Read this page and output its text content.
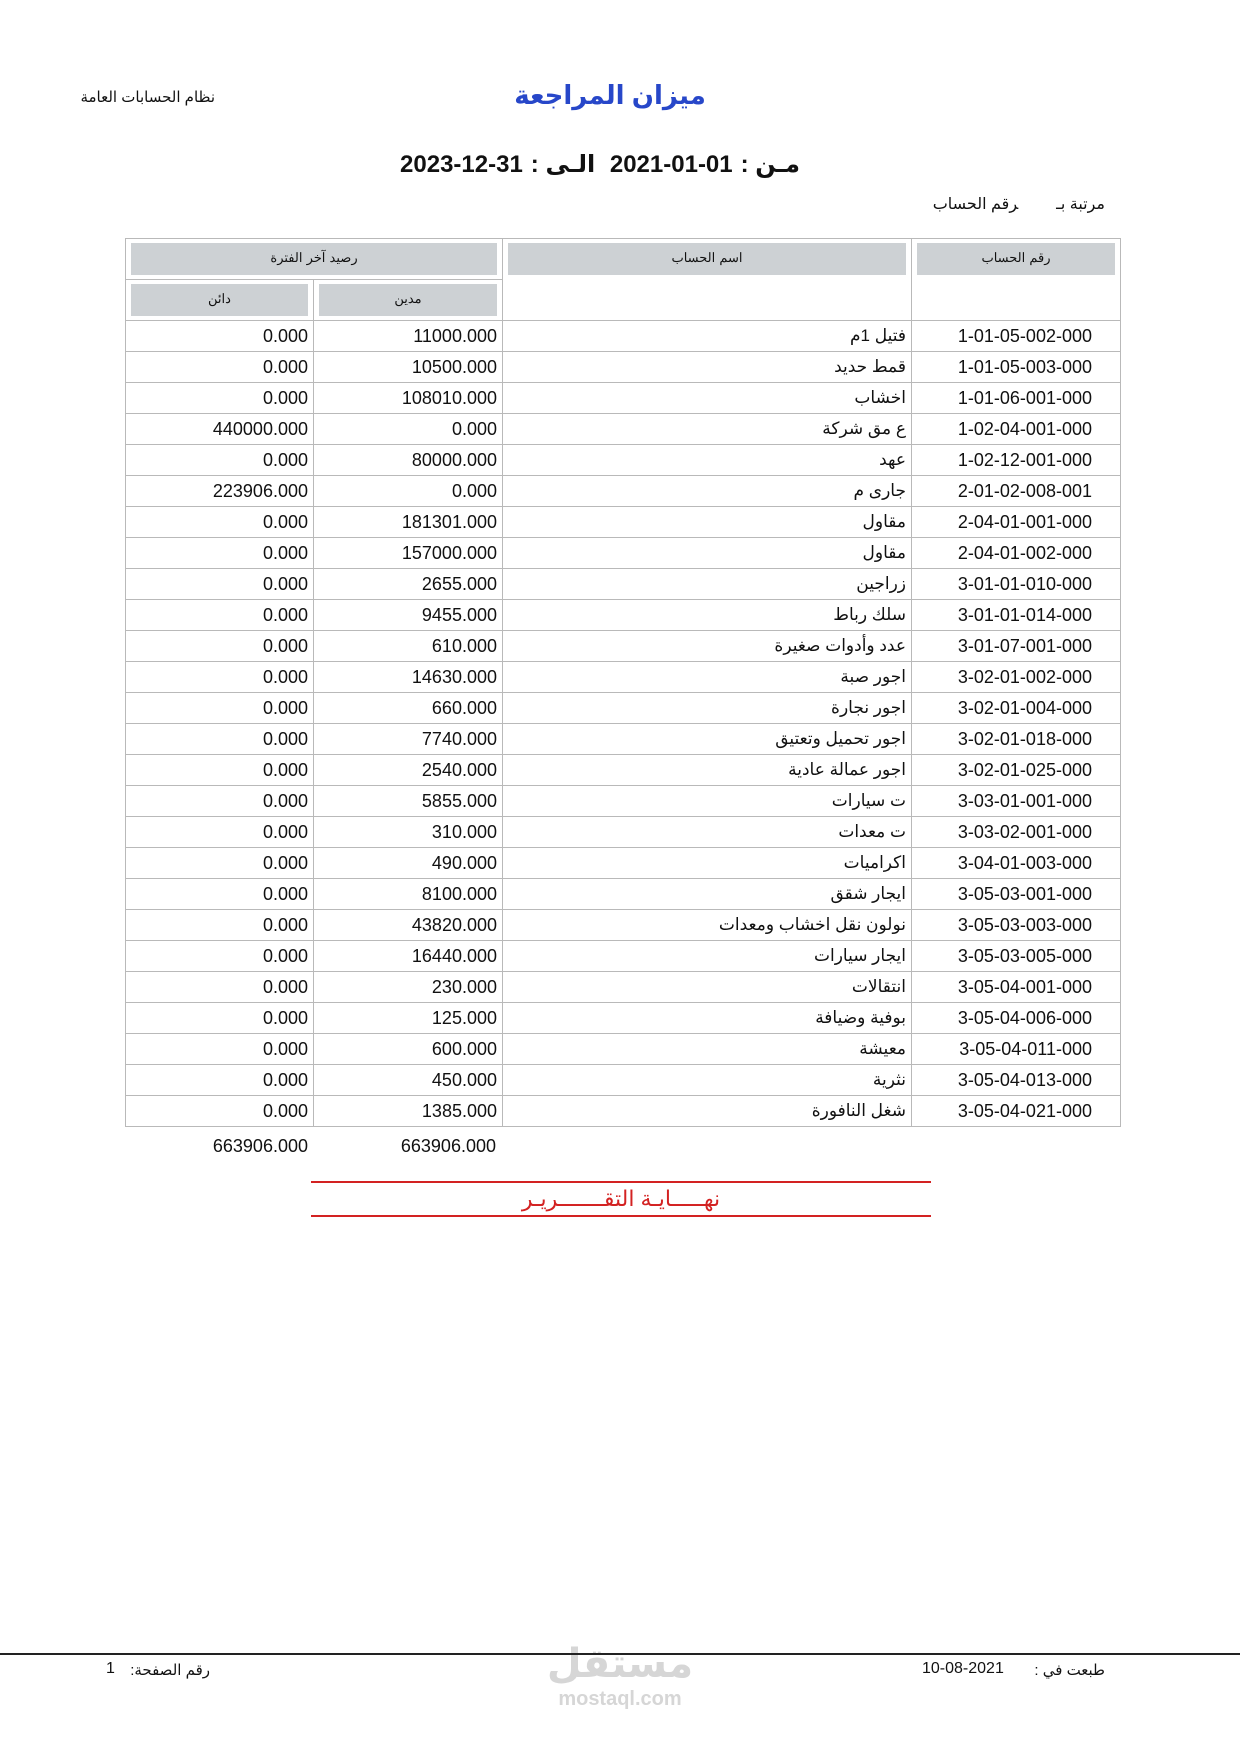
نظام الحسابات العامة	ميزان المراجعة
مـن :2021-01-01 الـى :2023-12-31
مرتبة بـرقم الحساب
رصيد آخر الفترة		اسم الحساب	رقم الحساب

دائن	مدين		

0.000	11000.000	فتيل 1م	1-01-05-002-000
0.000	10500.000	قمط حديد	1-01-05-003-000
0.000	108010.000	اخشاب	1-01-06-001-000
440000.000	0.000	ع مق شركة	1-02-04-001-000
0.000	80000.000	عهد	1-02-12-001-000
223906.000	0.000	جارى م	2-01-02-008-001
0.000	181301.000	مقاول	2-04-01-001-000
0.000	157000.000	مقاول	2-04-01-002-000
0.000	2655.000	زراجين	3-01-01-010-000
0.000	9455.000	سلك رباط	3-01-01-014-000
0.000	610.000	عدد وأدوات صغيرة	3-01-07-001-000
0.000	14630.000	اجور صبة	3-02-01-002-000
0.000	660.000	اجور نجارة	3-02-01-004-000
0.000	7740.000	اجور تحميل وتعتيق	3-02-01-018-000
0.000	2540.000	اجور عمالة عادية	3-02-01-025-000
0.000	5855.000	ت سيارات	3-03-01-001-000
0.000	310.000	ت معدات	3-03-02-001-000
0.000	490.000	اكراميات	3-04-01-003-000
0.000	8100.000	ايجار شقق	3-05-03-001-000
0.000	43820.000	نولون نقل اخشاب ومعدات	3-05-03-003-000
0.000	16440.000	ايجار سيارات	3-05-03-005-000
0.000	230.000	انتقالات	3-05-04-001-000
0.000	125.000	بوفية وضيافة	3-05-04-006-000
0.000	600.000	معيشة	3-05-04-011-000
0.000	450.000	نثرية	3-05-04-013-000
0.000	1385.000	شغل النافورة	3-05-04-021-000
663906.000	663906.000
نهـــــايـة التقـــــــريـر
مستقل
mostaql.com
طبعت في :
10-08-2021
رقم الصفحة:
1
